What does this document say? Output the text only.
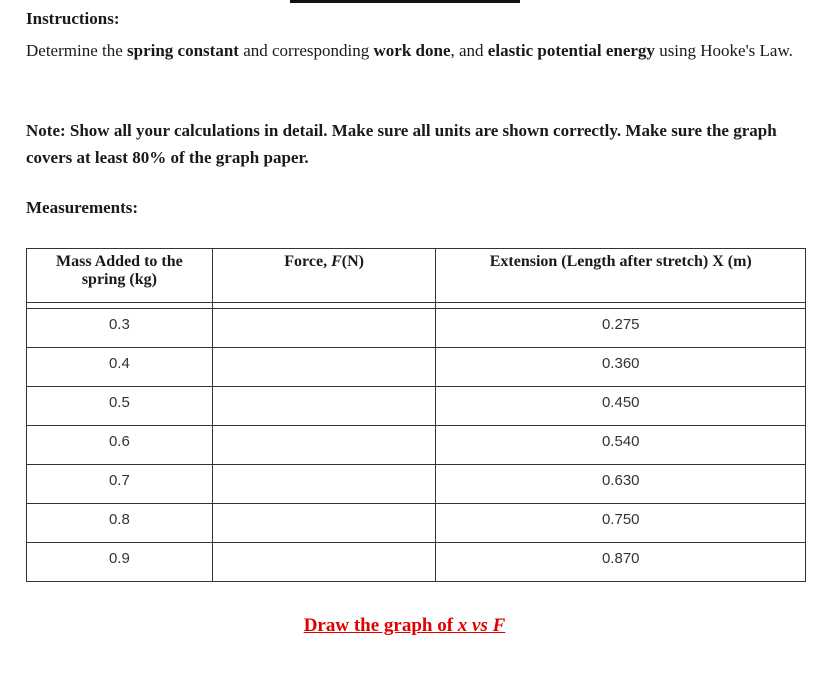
Instructions:
Determine the spring constant and corresponding work done, and elastic potential energy using Hooke's Law.
Note: Show all your calculations in detail. Make sure all units are shown correctly. Make sure the graph covers at least 80% of the graph paper.
Measurements:
Mass Added to the spring (kg)	Force, F(N)	Extension (Length after stretch) X (m)

0.3		0.275
0.4		0.360
0.5		0.450
0.6		0.540
0.7		0.630
0.8		0.750
0.9		0.870
Draw the graph of x vs F
